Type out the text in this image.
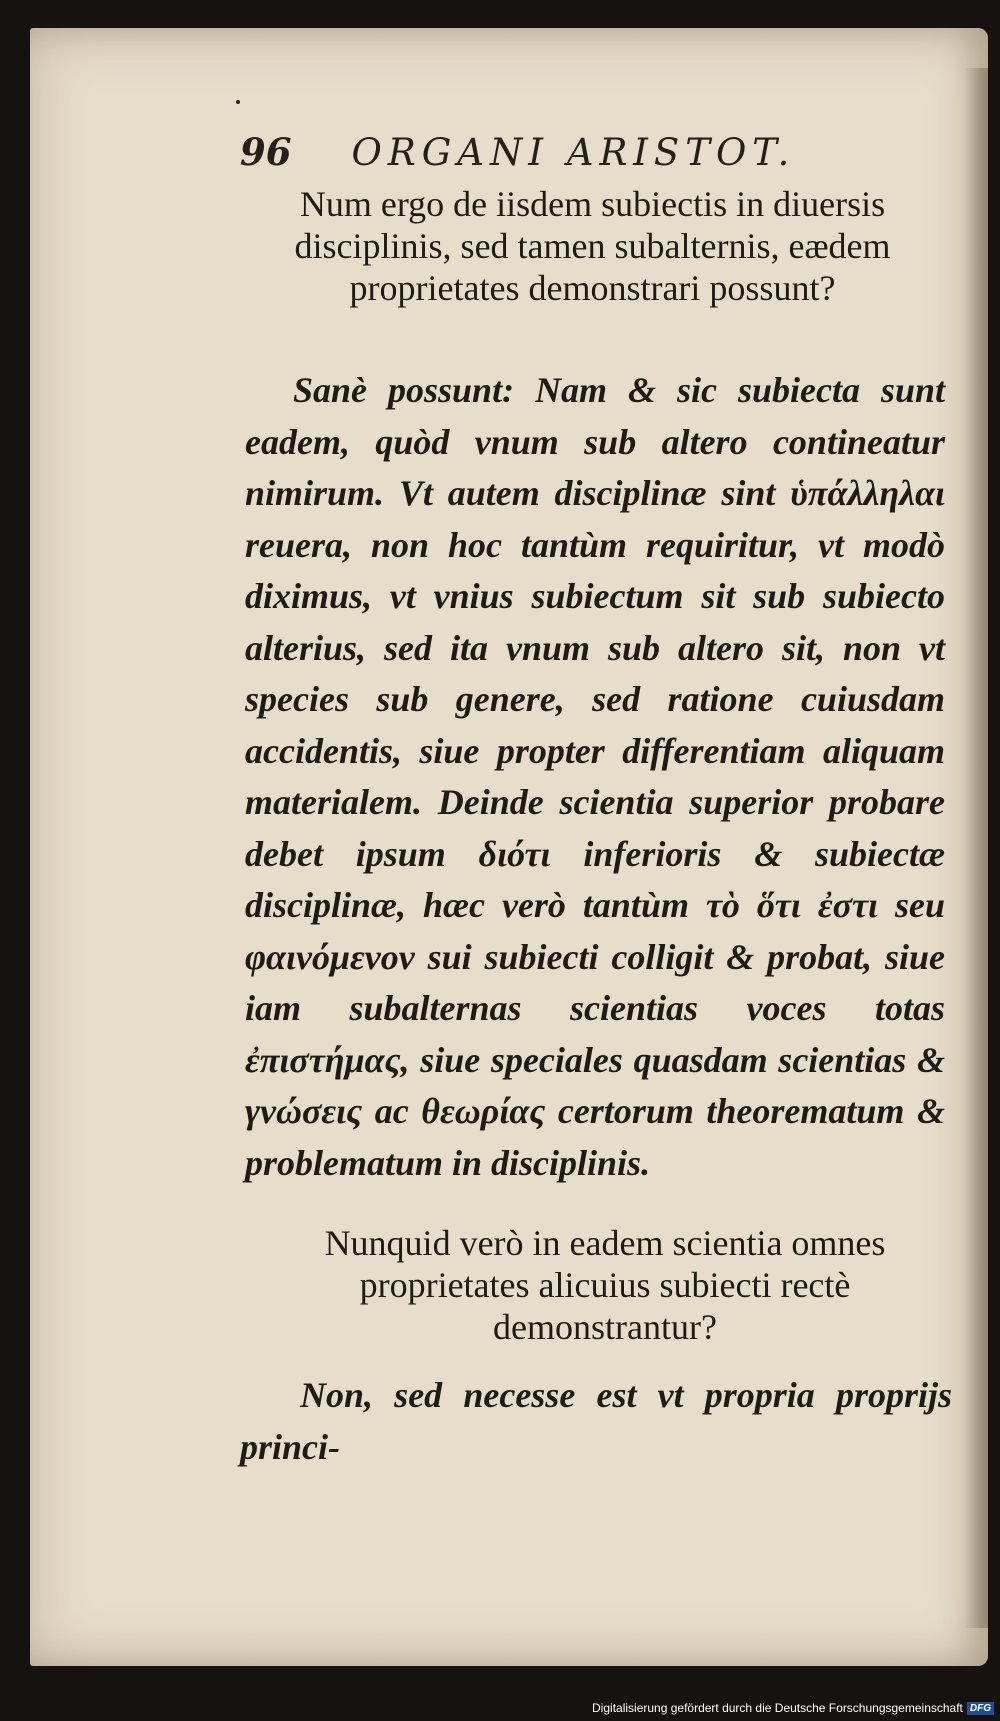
96 ORGANI ARISTOT.
Num ergo de iisdem subiectis in diuersis disciplinis, sed tamen subalternis, eædem proprietates demonstrari possunt?
Sanè possunt: Nam & sic subiecta sunt eadem, quòd vnum sub altero contineatur nimirum. Vt autem disciplinæ sint ὑπάλληλαι reuera, non hoc tantùm requiritur, vt modò diximus, vt vnius subiectum sit sub subiecto alterius, sed ita vnum sub altero sit, non vt species sub genere, sed ratione cuiusdam accidentis, siue propter differentiam aliquam materialem. Deinde scientia superior probare debet ipsum διότι inferioris & subiectæ disciplinæ, hæc verò tantùm τὸ ὅτι ἐστι seu φαινόμενον sui subiecti colligit & probat, siue iam subalternas scientias voces totas ἐπιστήμας, siue speciales quasdam scientias & γνώσεις ac θεωρίας certorum theorematum & problematum in disciplinis.
Nunquid verò in eadem scientia omnes proprietates alicuius subiecti rectè demonstrantur?
Non, sed necesse est vt propria proprijs princi-
Digitalisierung gefördert durch die Deutsche Forschungsgemeinschaft DFG
